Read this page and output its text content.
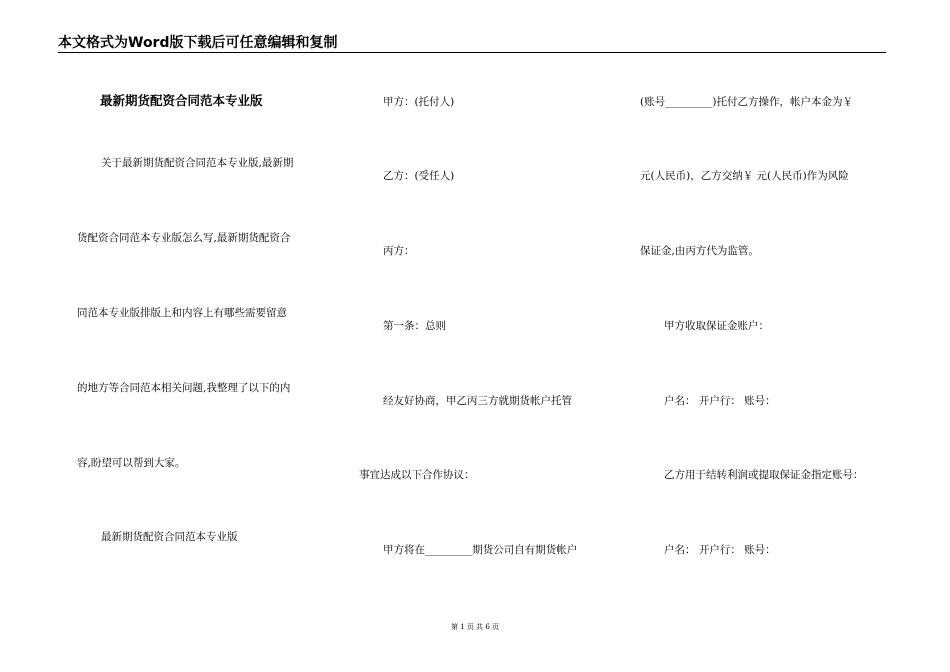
本文格式为Word版下载后可任意编辑和复制
最新期货配资合同范本专业版
关于最新期货配资合同范本专业版,最新期
货配资合同范本专业版怎么写,最新期货配资合
同范本专业版排版上和内容上有哪些需要留意
的地方等合同范本相关问题,我整理了以下的内
容,盼望可以帮到大家。
最新期货配资合同范本专业版
甲方：(托付人)
乙方：(受任人)
丙方：
第一条：总则
经友好协商，甲乙丙三方就期货帐户托管
事宜达成以下合作协议：
甲方将在_________期货公司自有期货帐户
(账号_________)托付乙方操作，帐户本金为￥
元(人民币)，乙方交纳￥ 元(人民币)作为风险
保证金,由丙方代为监管。
甲方收取保证金账户：
户名： 开户行： 账号：
乙方用于结转利润或提取保证金指定账号：
户名： 开户行： 账号：
第 1 页 共 6 页
